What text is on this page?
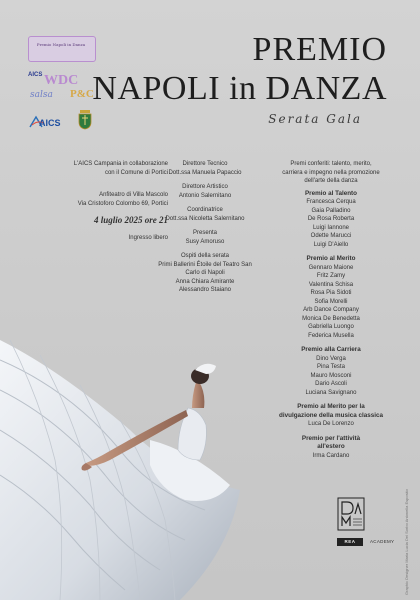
Premio Napoli in Danza
AICS WDC
P&C
salsa
AICS
PREMIO
NAPOLI in DANZA
Serata Gala
L'AICS Campania in collaborazione
con il Comune di Portici
Anfiteatro di Villa Mascolo
Via Cristoforo Colombo 69, Portici
4 luglio 2025 ore 21
Ingresso libero
Direttore Tecnico
Dott.ssa Manuela Papaccio
Direttore Artistico
Antonio Salernitano
Coordinatrice
Dott.ssa Nicoletta Salernitano
Presenta
Susy Amoruso
Ospiti della serata
Primi Ballerini Étoile del Teatro San
Carlo di Napoli
Anna Chiara Amirante
Alessandro Staiano
Premi conferiti: talento, merito,
carriera e impegno nella promozione
dell'arte della danza
Premio al Talento
Francesca Cerqua
Gaia Palladino
De Rosa Roberta
Luigi Iannone
Odette Marucci
Luigi D'Aiello
Premio al Merito
Gennaro Maione
Fritz Zamy
Valentina Schisa
Rosa Pia Sidoti
Sofia Morelli
Arb Dance Company
Monica De Benedetta
Gabriella Luongo
Federica Musella
Premio alla Carriera
Dino Verga
Pina Testa
Mauro Mosconi
Dario Ascoli
Luciana Savignano
Premio al Merito per la divulgazione della musica classica
Luca De Lorenzo
Premio per l'attività all'estero
Irma Cardano
REA	ACADEMY Graphic Designer Maria Lucia Del Sorbo Antonella Esposito
